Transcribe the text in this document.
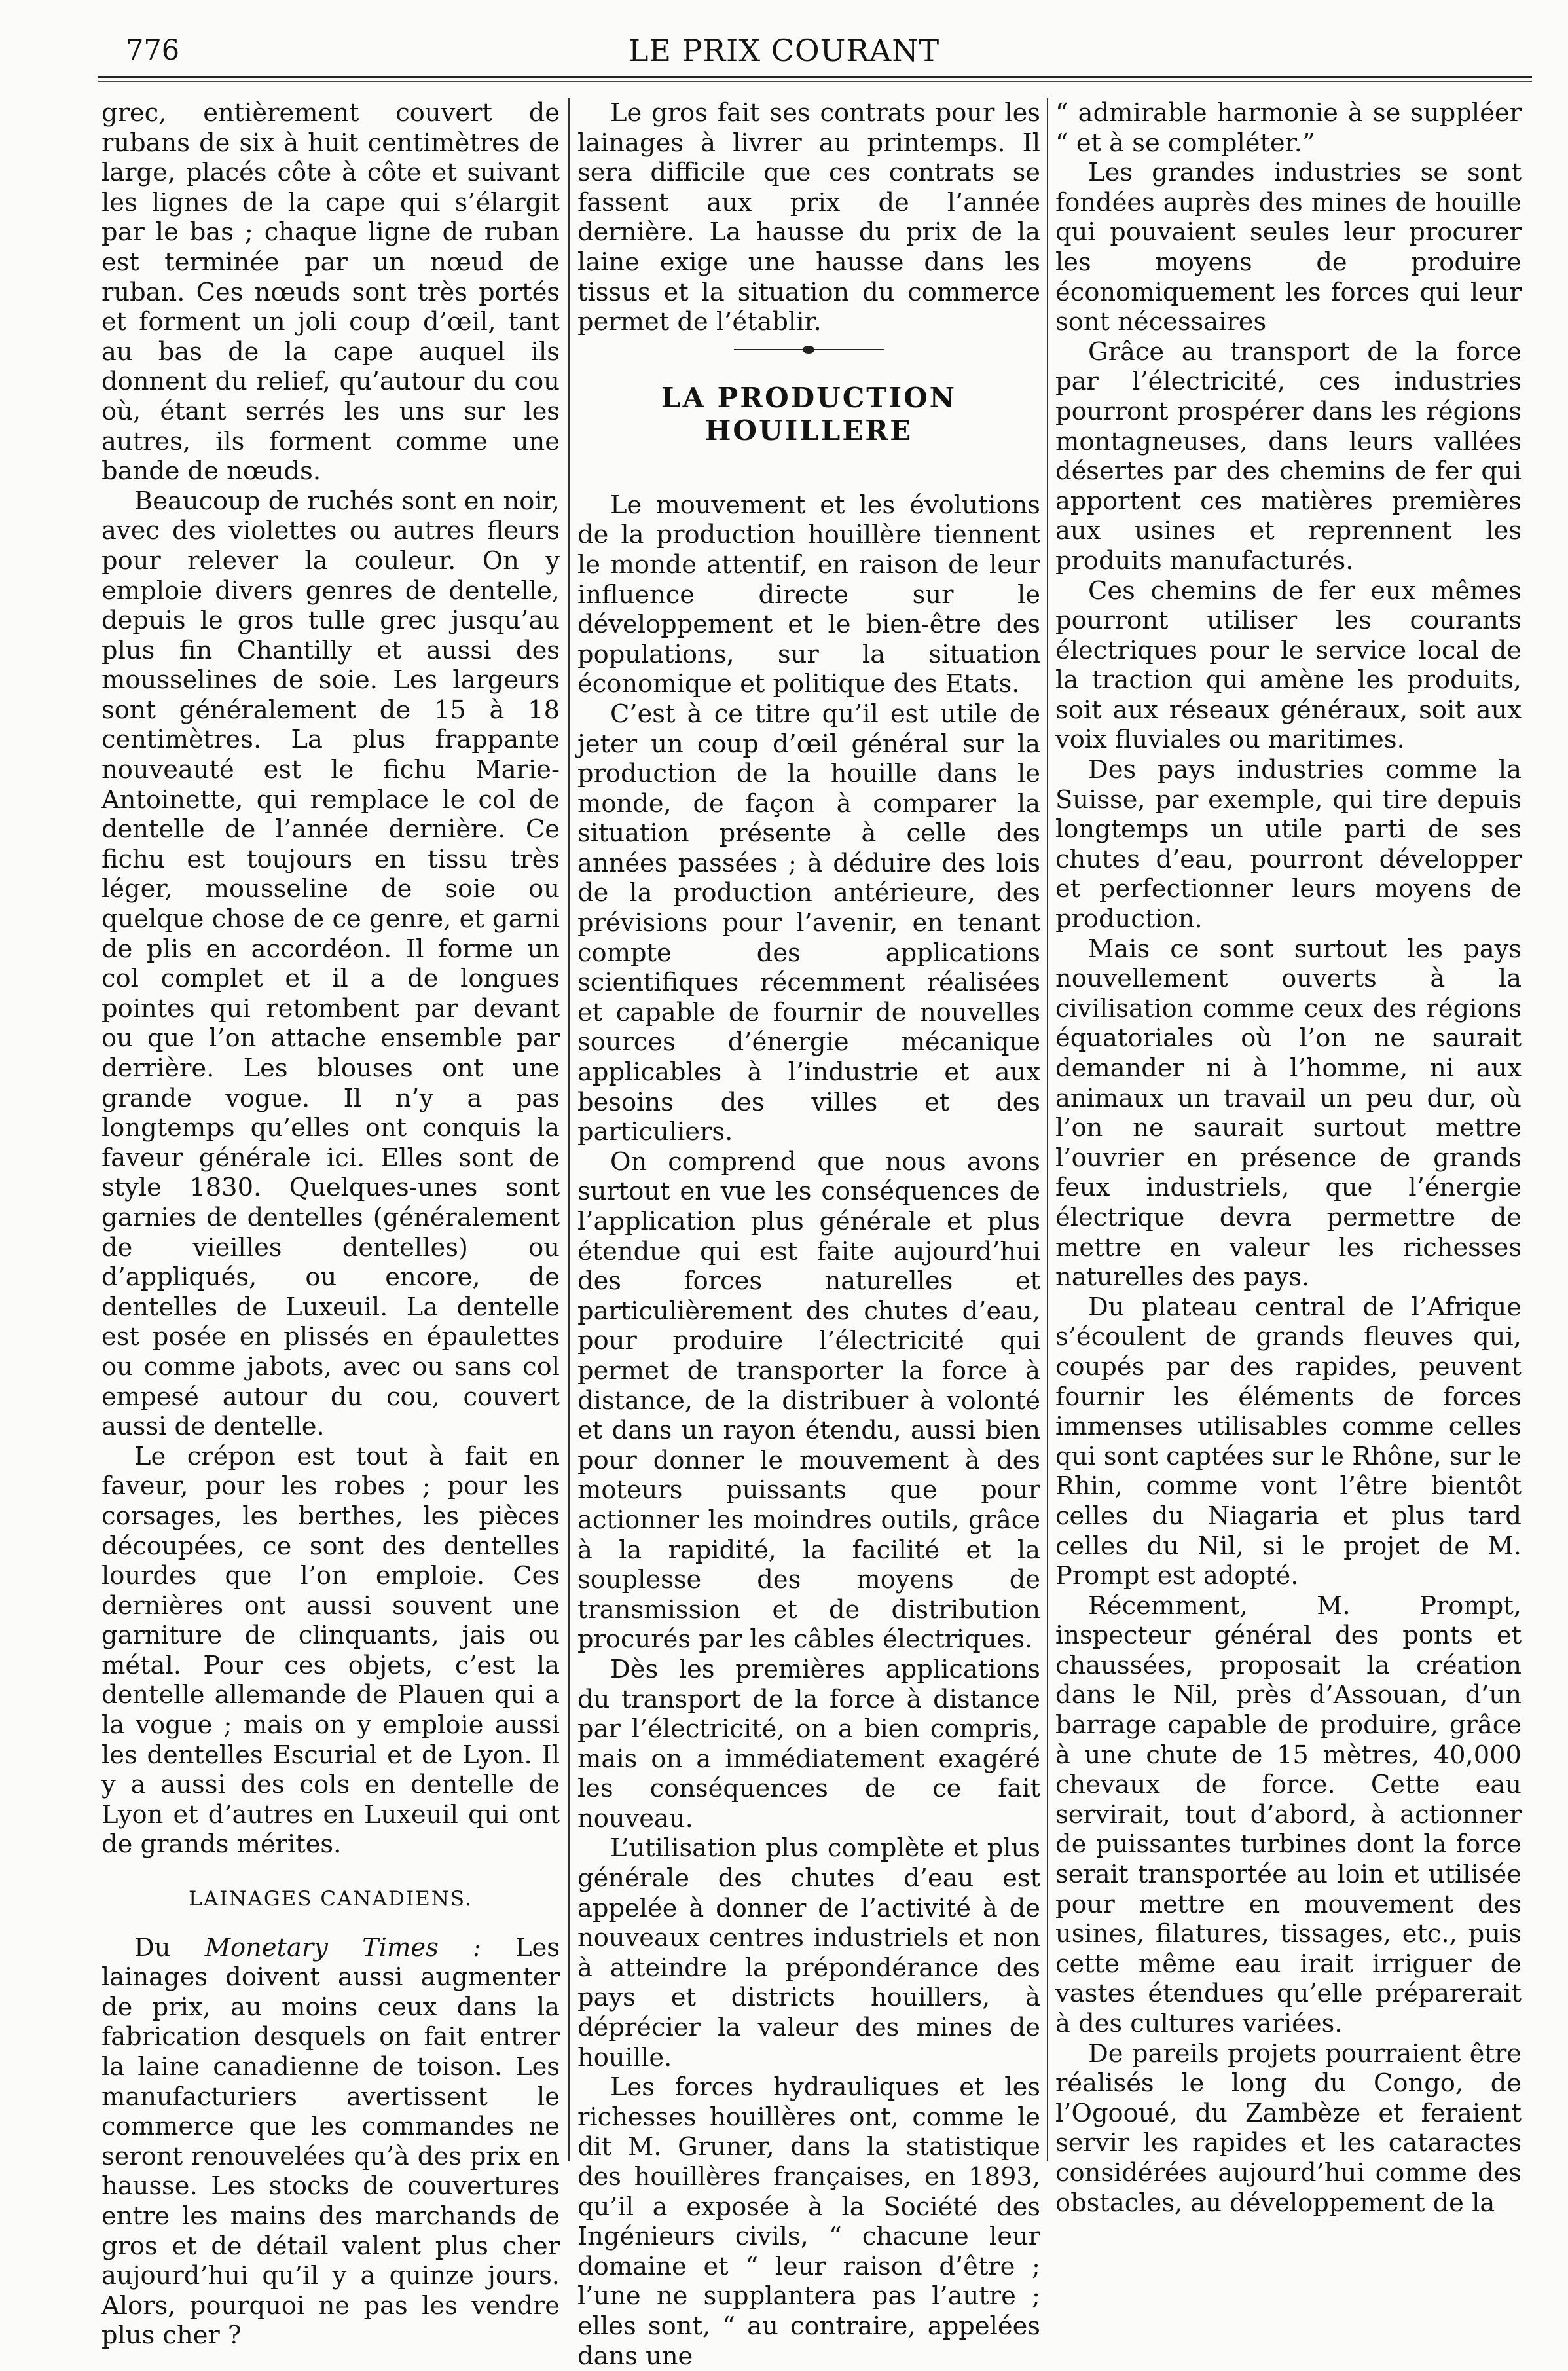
776	LE PRIX COURANT

grec, entièrement couvert de rubans de six à huit centimètres de large, placés côte à côte et suivant les lignes de la cape qui s’élargit par le bas ; chaque ligne de ruban est terminée par un nœud de ruban. Ces nœuds sont très portés et forment un joli coup d’œil, tant au bas de la cape auquel ils donnent du relief, qu’autour du cou où, étant serrés les uns sur les autres, ils forment comme une bande de nœuds.

Beaucoup de ruchés sont en noir, avec des violettes ou autres fleurs pour relever la couleur. On y emploie divers genres de dentelle, depuis le gros tulle grec jusqu’au plus fin Chantilly et aussi des mousselines de soie. Les largeurs sont généralement de 15 à 18 centimètres. La plus frappante nouveauté est le fichu Marie-Antoinette, qui remplace le col de dentelle de l’année dernière. Ce fichu est toujours en tissu très léger, mousseline de soie ou quelque chose de ce genre, et garni de plis en accordéon. Il forme un col complet et il a de longues pointes qui retombent par devant ou que l’on attache ensemble par derrière. Les blouses ont une grande vogue. Il n’y a pas longtemps qu’elles ont conquis la faveur générale ici. Elles sont de style 1830. Quelques-unes sont garnies de dentelles (généralement de vieilles dentelles) ou d’appliqués, ou encore, de dentelles de Luxeuil. La dentelle est posée en plissés en épaulettes ou comme jabots, avec ou sans col empesé autour du cou, couvert aussi de dentelle.

Le crépon est tout à fait en faveur, pour les robes ; pour les corsages, les berthes, les pièces découpées, ce sont des dentelles lourdes que l’on emploie. Ces dernières ont aussi souvent une garniture de clinquants, jais ou métal. Pour ces objets, c’est la dentelle allemande de Plauen qui a la vogue ; mais on y emploie aussi les dentelles Escurial et de Lyon. Il y a aussi des cols en dentelle de Lyon et d’autres en Luxeuil qui ont de grands mérites.

LAINAGES CANADIENS.

Du Monetary Times : Les lainages doivent aussi augmenter de prix, au moins ceux dans la fabrication desquels on fait entrer la laine canadienne de toison. Les manufacturiers avertissent le commerce que les commandes ne seront renouvelées qu’à des prix en hausse. Les stocks de couvertures entre les mains des marchands de gros et de détail valent plus cher aujourd’hui qu’il y a quinze jours. Alors, pourquoi ne pas les vendre plus cher ?

Le gros fait ses contrats pour les lainages à livrer au printemps. Il sera difficile que ces contrats se fassent aux prix de l’année dernière. La hausse du prix de la laine exige une hausse dans les tissus et la situation du commerce permet de l’établir.

LA PRODUCTION HOUILLERE

Le mouvement et les évolutions de la production houillère tiennent le monde attentif, en raison de leur influence directe sur le développement et le bien-être des populations, sur la situation économique et politique des Etats.

C’est à ce titre qu’il est utile de jeter un coup d’œil général sur la production de la houille dans le monde, de façon à comparer la situation présente à celle des années passées ; à déduire des lois de la production antérieure, des prévisions pour l’avenir, en tenant compte des applications scientifiques récemment réalisées et capable de fournir de nouvelles sources d’énergie mécanique applicables à l’industrie et aux besoins des villes et des particuliers.

On comprend que nous avons surtout en vue les conséquences de l’application plus générale et plus étendue qui est faite aujourd’hui des forces naturelles et particulièrement des chutes d’eau, pour produire l’électricité qui permet de transporter la force à distance, de la distribuer à volonté et dans un rayon étendu, aussi bien pour donner le mouvement à des moteurs puissants que pour actionner les moindres outils, grâce à la rapidité, la facilité et la souplesse des moyens de transmission et de distribution procurés par les câbles électriques.

Dès les premières applications du transport de la force à distance par l’électricité, on a bien compris, mais on a immédiatement exagéré les conséquences de ce fait nouveau.

L’utilisation plus complète et plus générale des chutes d’eau est appelée à donner de l’activité à de nouveaux centres industriels et non à atteindre la prépondérance des pays et districts houillers, à déprécier la valeur des mines de houille.

Les forces hydrauliques et les richesses houillères ont, comme le dit M. Gruner, dans la statistique des houillères françaises, en 1893, qu’il a exposée à la Société des Ingénieurs civils, “ chacune leur domaine et “ leur raison d’être ; l’une ne supplantera pas l’autre ; elles sont, “ au contraire, appelées dans une

“ admirable harmonie à se suppléer “ et à se compléter.”

Les grandes industries se sont fondées auprès des mines de houille qui pouvaient seules leur procurer les moyens de produire économiquement les forces qui leur sont nécessaires

Grâce au transport de la force par l’électricité, ces industries pourront prospérer dans les régions montagneuses, dans leurs vallées désertes par des chemins de fer qui apportent ces matières premières aux usines et reprennent les produits manufacturés.

Ces chemins de fer eux mêmes pourront utiliser les courants électriques pour le service local de la traction qui amène les produits, soit aux réseaux généraux, soit aux voix fluviales ou maritimes.

Des pays industries comme la Suisse, par exemple, qui tire depuis longtemps un utile parti de ses chutes d’eau, pourront développer et perfectionner leurs moyens de production.

Mais ce sont surtout les pays nouvellement ouverts à la civilisation comme ceux des régions équatoriales où l’on ne saurait demander ni à l’homme, ni aux animaux un travail un peu dur, où l’on ne saurait surtout mettre l’ouvrier en présence de grands feux industriels, que l’énergie électrique devra permettre de mettre en valeur les richesses naturelles des pays.

Du plateau central de l’Afrique s’écoulent de grands fleuves qui, coupés par des rapides, peuvent fournir les éléments de forces immenses utilisables comme celles qui sont captées sur le Rhône, sur le Rhin, comme vont l’être bientôt celles du Niagaria et plus tard celles du Nil, si le projet de M. Prompt est adopté.

Récemment, M. Prompt, inspecteur général des ponts et chaussées, proposait la création dans le Nil, près d’Assouan, d’un barrage capable de produire, grâce à une chute de 15 mètres, 40,000 chevaux de force. Cette eau servirait, tout d’abord, à actionner de puissantes turbines dont la force serait transportée au loin et utilisée pour mettre en mouvement des usines, filatures, tissages, etc., puis cette même eau irait irriguer de vastes étendues qu’elle préparerait à des cultures variées.

De pareils projets pourraient être réalisés le long du Congo, de l’Ogooué, du Zambèze et feraient servir les rapides et les cataractes considérées aujourd’hui comme des obstacles, au développement de la
